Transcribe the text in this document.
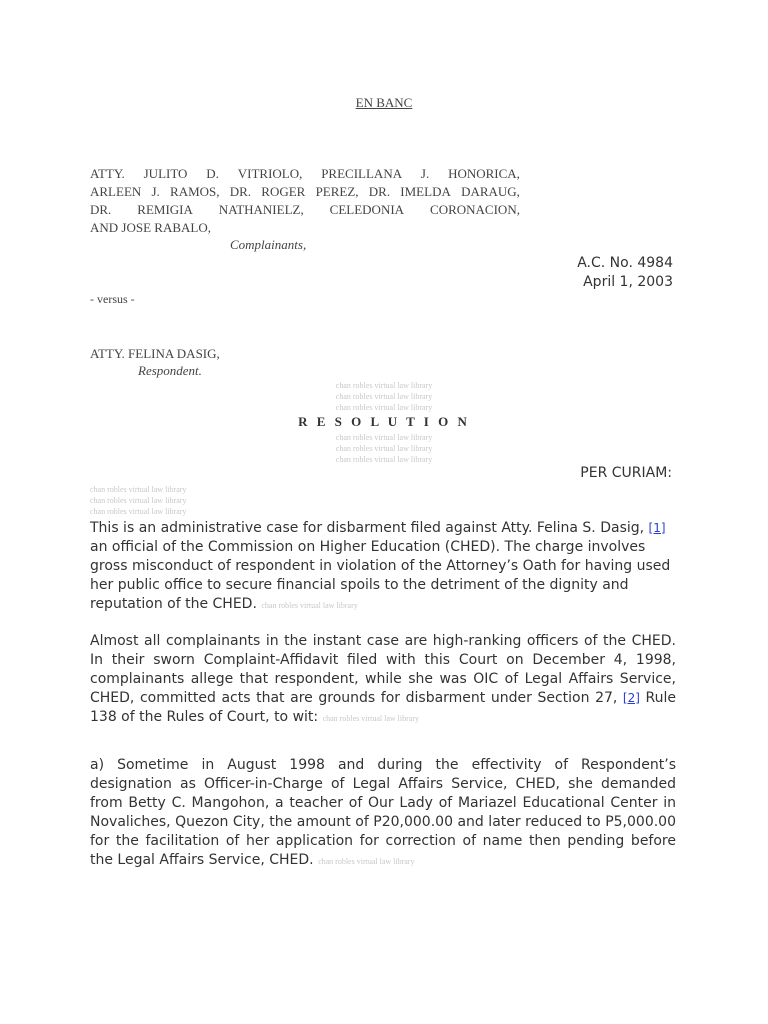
EN BANC
ATTY. JULITO D. VITRIOLO, PRECILLANA J. HONORICA,
ARLEEN J. RAMOS, DR. ROGER PEREZ, DR. IMELDA DARAUG,
DR. REMIGIA NATHANIELZ, CELEDONIA CORONACION,
AND JOSE RABALO,
Complainants,
A.C. No. 4984
April 1, 2003
- versus -
ATTY. FELINA DASIG,
Respondent.
chan robles virtual law library
chan robles virtual law library
chan robles virtual law library
R E S O L U T I O N
chan robles virtual law library
chan robles virtual law library
chan robles virtual law library
PER CURIAM:
chan robles virtual law library
chan robles virtual law library
chan robles virtual law library
This is an administrative case for disbarment filed against Atty. Felina S. Dasig, [1] an official of the Commission on Higher Education (CHED). The charge involves gross misconduct of respondent in violation of the Attorney’s Oath for having used her public office to secure financial spoils to the detriment of the dignity and reputation of the CHED. chan robles virtual law library
Almost all complainants in the instant case are high-ranking officers of the CHED. In their sworn Complaint-Affidavit filed with this Court on December 4, 1998, complainants allege that respondent, while she was OIC of Legal Affairs Service, CHED, committed acts that are grounds for disbarment under Section 27, [2] Rule 138 of the Rules of Court, to wit: chan robles virtual law library
a) Sometime in August 1998 and during the effectivity of Respondent’s designation as Officer-in-Charge of Legal Affairs Service, CHED, she demanded from Betty C. Mangohon, a teacher of Our Lady of Mariazel Educational Center in Novaliches, Quezon City, the amount of P20,000.00 and later reduced to P5,000.00 for the facilitation of her application for correction of name then pending before the Legal Affairs Service, CHED. chan robles virtual law library
